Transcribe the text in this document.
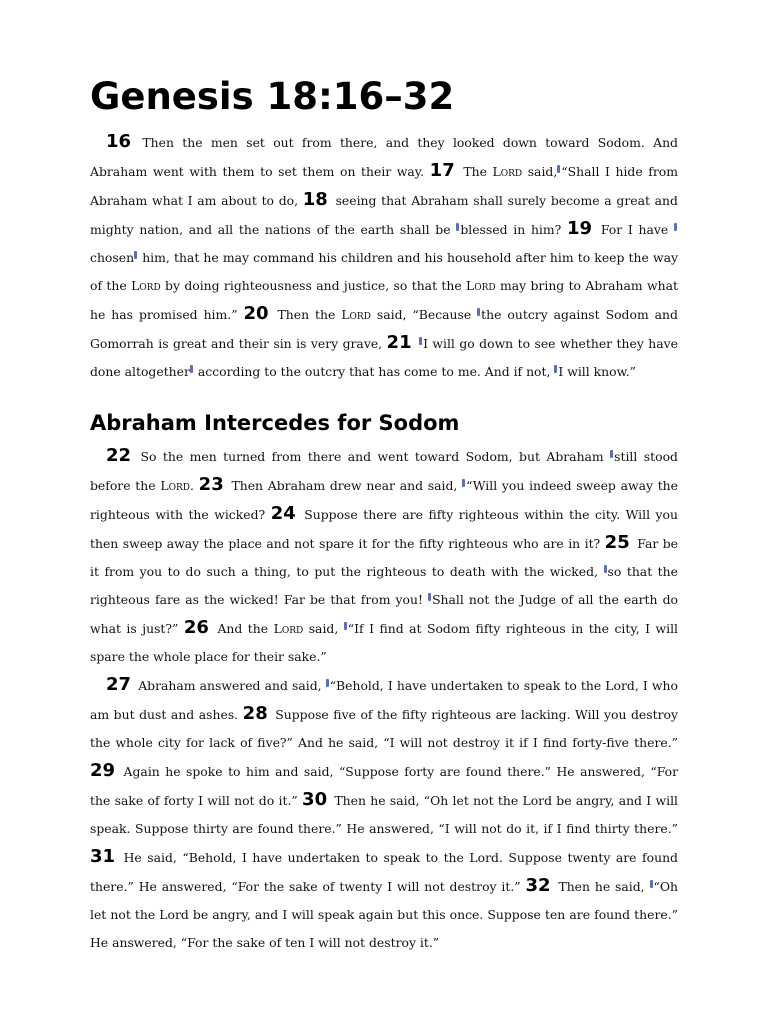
Genesis 18:16–32

16 Then the men set out from there, and they looked down toward Sodom. And Abraham went with them to set them on their way. 17 The Lord said, “Shall I hide from Abraham what I am about to do, 18 seeing that Abraham shall surely become a great and mighty nation, and all the nations of the earth shall be blessed in him? 19 For I have chosen him, that he may command his children and his household after him to keep the way of the Lord by doing righteousness and justice, so that the Lord may bring to Abraham what he has promised him.” 20 Then the Lord said, “Because the outcry against Sodom and Gomorrah is great and their sin is very grave, 21 I will go down to see whether they have done altogether according to the outcry that has come to me. And if not, I will know.”

Abraham Intercedes for Sodom

22 So the men turned from there and went toward Sodom, but Abraham still stood before the Lord. 23 Then Abraham drew near and said, “Will you indeed sweep away the righteous with the wicked? 24 Suppose there are fifty righteous within the city. Will you then sweep away the place and not spare it for the fifty righteous who are in it? 25 Far be it from you to do such a thing, to put the righteous to death with the wicked, so that the righteous fare as the wicked! Far be that from you! Shall not the Judge of all the earth do what is just?” 26 And the Lord said, “If I find at Sodom fifty righteous in the city, I will spare the whole place for their sake.”

27 Abraham answered and said, “Behold, I have undertaken to speak to the Lord, I who am but dust and ashes. 28 Suppose five of the fifty righteous are lacking. Will you destroy the whole city for lack of five?” And he said, “I will not destroy it if I find forty-five there.” 29 Again he spoke to him and said, “Suppose forty are found there.” He answered, “For the sake of forty I will not do it.” 30 Then he said, “Oh let not the Lord be angry, and I will speak. Suppose thirty are found there.” He answered, “I will not do it, if I find thirty there.” 31 He said, “Behold, I have undertaken to speak to the Lord. Suppose twenty are found there.” He answered, “For the sake of twenty I will not destroy it.” 32 Then he said, “Oh let not the Lord be angry, and I will speak again but this once. Suppose ten are found there.” He answered, “For the sake of ten I will not destroy it.”
